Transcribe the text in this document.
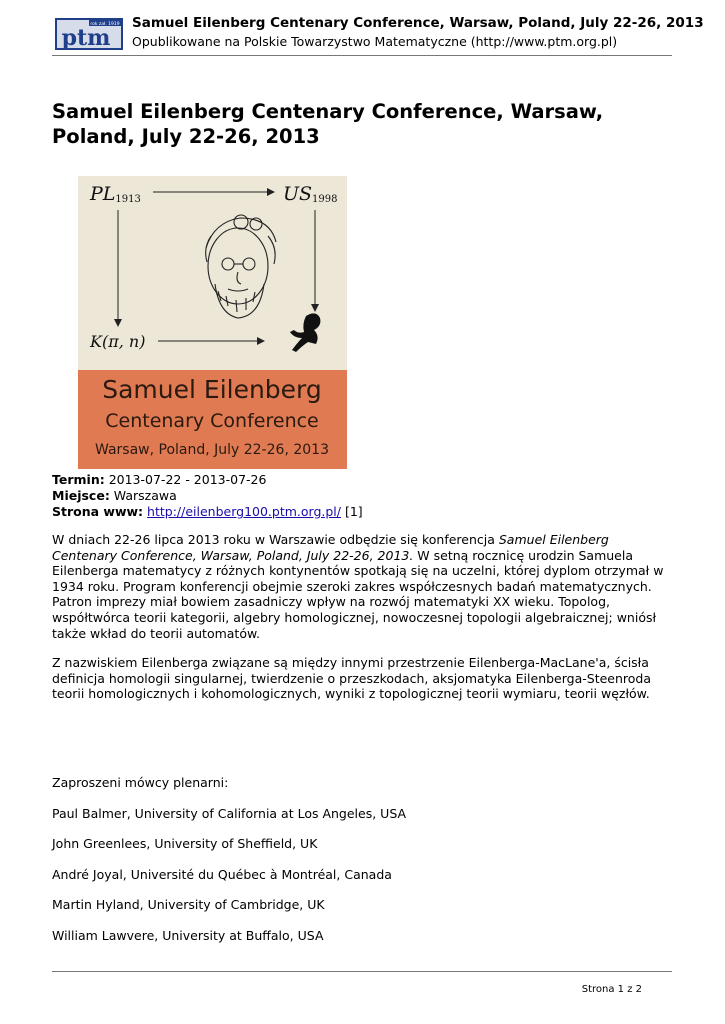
rok zał. 1919
ptm
Samuel Eilenberg Centenary Conference, Warsaw, Poland, July 22-26, 2013
Opublikowane na Polskie Towarzystwo Matematyczne (http://www.ptm.org.pl)
Samuel Eilenberg Centenary Conference, Warsaw, Poland, July 22-26, 2013
PL1913	US1998
K(π, n)
Samuel Eilenberg
Centenary Conference
Warsaw, Poland, July 22-26, 2013
Termin: 2013-07-22 - 2013-07-26
Miejsce: Warszawa
Strona www: http://eilenberg100.ptm.org.pl/ [1]

W dniach 22-26 lipca 2013 roku w Warszawie odbędzie się konferencja Samuel Eilenberg Centenary Conference, Warsaw, Poland, July 22-26, 2013. W setną rocznicę urodzin Samuela Eilenberga matematycy z różnych kontynentów spotkają się na uczelni, której dyplom otrzymał w 1934 roku. Program konferencji obejmie szeroki zakres współczesnych badań matematycznych. Patron imprezy miał bowiem zasadniczy wpływ na rozwój matematyki XX wieku. Topolog, współtwórca teorii kategorii, algebry homologicznej, nowoczesnej topologii algebraicznej; wniósł także wkład do teorii automatów.

Z nazwiskiem Eilenberga związane są między innymi przestrzenie Eilenberga-MacLane'a, ścisła definicja homologii singularnej, twierdzenie o przeszkodach, aksjomatyka Eilenberga-Steenroda teorii homologicznych i kohomologicznych, wyniki z topologicznej teorii wymiaru, teorii węzłów.

Zaproszeni mówcy plenarni:
Paul Balmer, University of California at Los Angeles, USA
John Greenlees, University of Sheffield, UK
André Joyal, Université du Québec à Montréal, Canada
Martin Hyland, University of Cambridge, UK
William Lawvere, University at Buffalo, USA
Strona 1 z 2
